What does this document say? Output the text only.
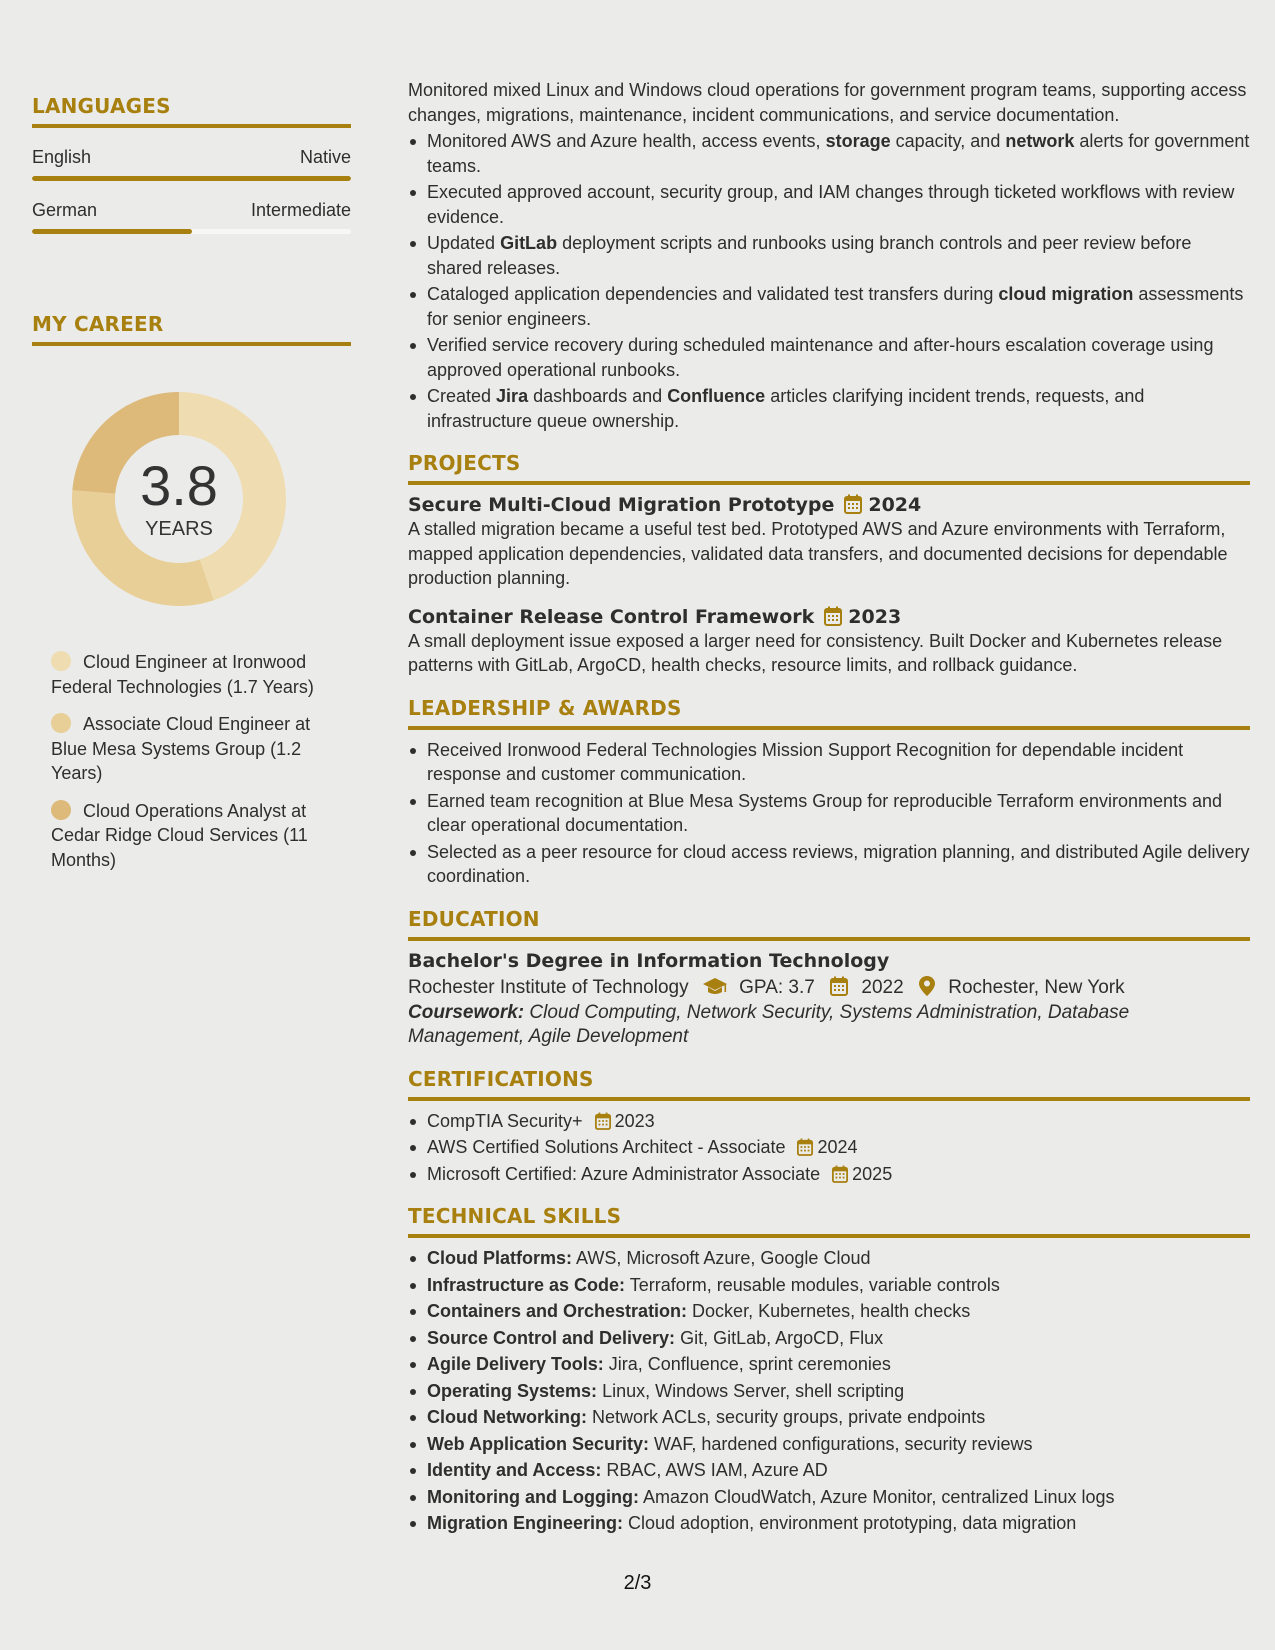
LANGUAGES
English	Native
German	Intermediate
MY CAREER
3.8
YEARS
Cloud Engineer at Ironwood Federal Technologies (1.7 Years)
Associate Cloud Engineer at Blue Mesa Systems Group (1.2 Years)
Cloud Operations Analyst at Cedar Ridge Cloud Services (11 Months)

Monitored mixed Linux and Windows cloud operations for government program teams, supporting access changes, migrations, maintenance, incident communications, and service documentation.

Monitored AWS and Azure health, access events, storage capacity, and network alerts for government teams.
Executed approved account, security group, and IAM changes through ticketed workflows with review evidence.
Updated GitLab deployment scripts and runbooks using branch controls and peer review before shared releases.
Cataloged application dependencies and validated test transfers during cloud migration assessments for senior engineers.
Verified service recovery during scheduled maintenance and after-hours escalation coverage using approved operational runbooks.
Created Jira dashboards and Confluence articles clarifying incident trends, requests, and infrastructure queue ownership.
PROJECTS
Secure Multi-Cloud Migration Prototype 2024

A stalled migration became a useful test bed. Prototyped AWS and Azure environments with Terraform, mapped application dependencies, validated data transfers, and documented decisions for dependable production planning.

Container Release Control Framework 2023

A small deployment issue exposed a larger need for consistency. Built Docker and Kubernetes release patterns with GitLab, ArgoCD, health checks, resource limits, and rollback guidance.

LEADERSHIP & AWARDS
Received Ironwood Federal Technologies Mission Support Recognition for dependable incident response and customer communication.
Earned team recognition at Blue Mesa Systems Group for reproducible Terraform environments and clear operational documentation.
Selected as a peer resource for cloud access reviews, migration planning, and distributed Agile delivery coordination.
EDUCATION
Bachelor's Degree in Information Technology
Rochester Institute of Technology	GPA: 3.7 2022 Rochester, New York

Coursework: Cloud Computing, Network Security, Systems Administration, Database Management, Agile Development

CERTIFICATIONS
CompTIA Security+ 2023
AWS Certified Solutions Architect - Associate 2024
Microsoft Certified: Azure Administrator Associate 2025
TECHNICAL SKILLS
Cloud Platforms: AWS, Microsoft Azure, Google Cloud
Infrastructure as Code: Terraform, reusable modules, variable controls
Containers and Orchestration: Docker, Kubernetes, health checks
Source Control and Delivery: Git, GitLab, ArgoCD, Flux
Agile Delivery Tools: Jira, Confluence, sprint ceremonies
Operating Systems: Linux, Windows Server, shell scripting
Cloud Networking: Network ACLs, security groups, private endpoints
Web Application Security: WAF, hardened configurations, security reviews
Identity and Access: RBAC, AWS IAM, Azure AD
Monitoring and Logging: Amazon CloudWatch, Azure Monitor, centralized Linux logs
Migration Engineering: Cloud adoption, environment prototyping, data migration
2/3
